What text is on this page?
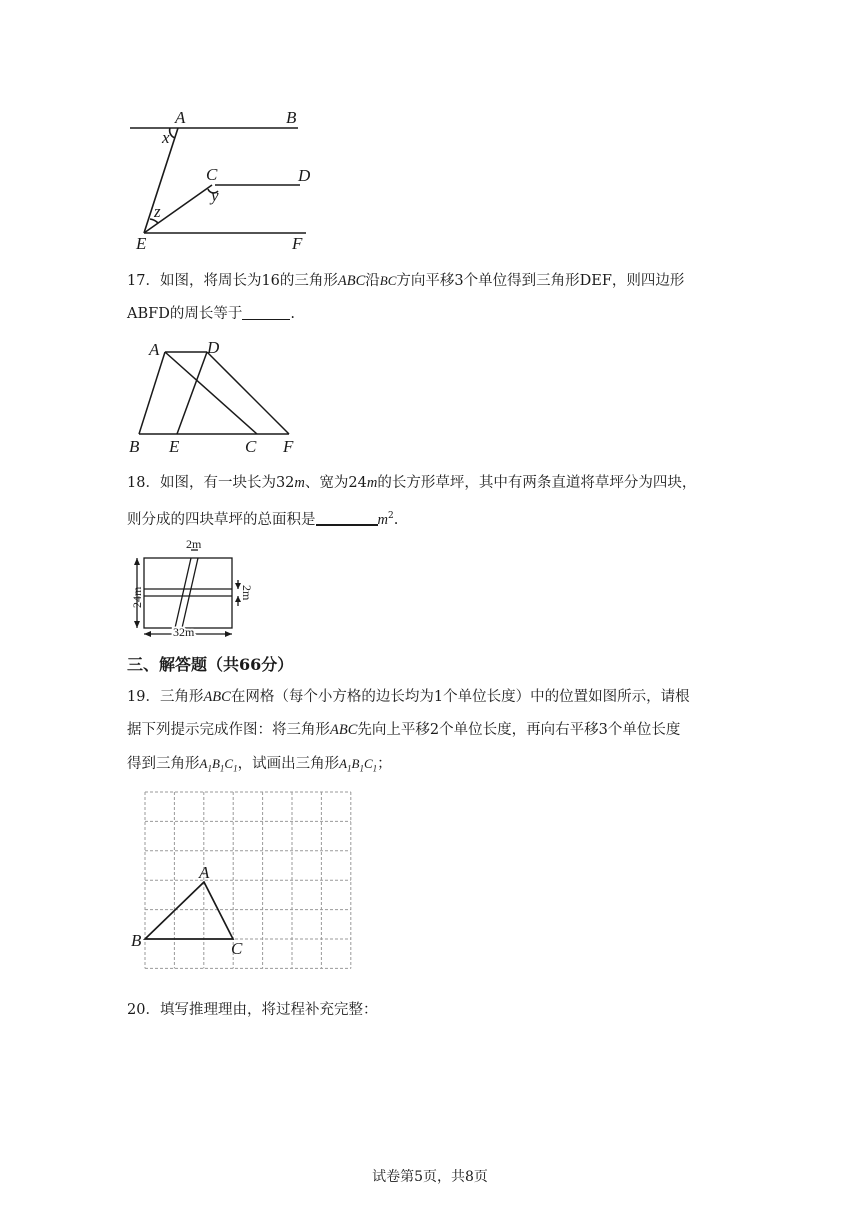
A	B
x
C	D
y
z
E	F
17．如图，将周长为16的三角形ABC沿BC方向平移3个单位得到三角形DEF，则四边形
ABFD的周长等于	.
A	D
B E	C F
18．如图，有一块长为32m、宽为24m的长方形草坪，其中有两条直道将草坪分为四块，
则分成的四块草坪的总面积是	$m^2$.
2m
24m	2m
32m
三、解答题（共66分）
19．三角形ABC在网格（每个小方格的边长均为1个单位长度）中的位置如图所示，请根
据下列提示完成作图：将三角形ABC先向上平移2个单位长度，再向右平移3个单位长度
得到三角形$A_1B_1C_1$，试画出三角形$A_1B_1C_1$；
A
B	C
20．填写推理理由，将过程补充完整：
试卷第5页，共8页
